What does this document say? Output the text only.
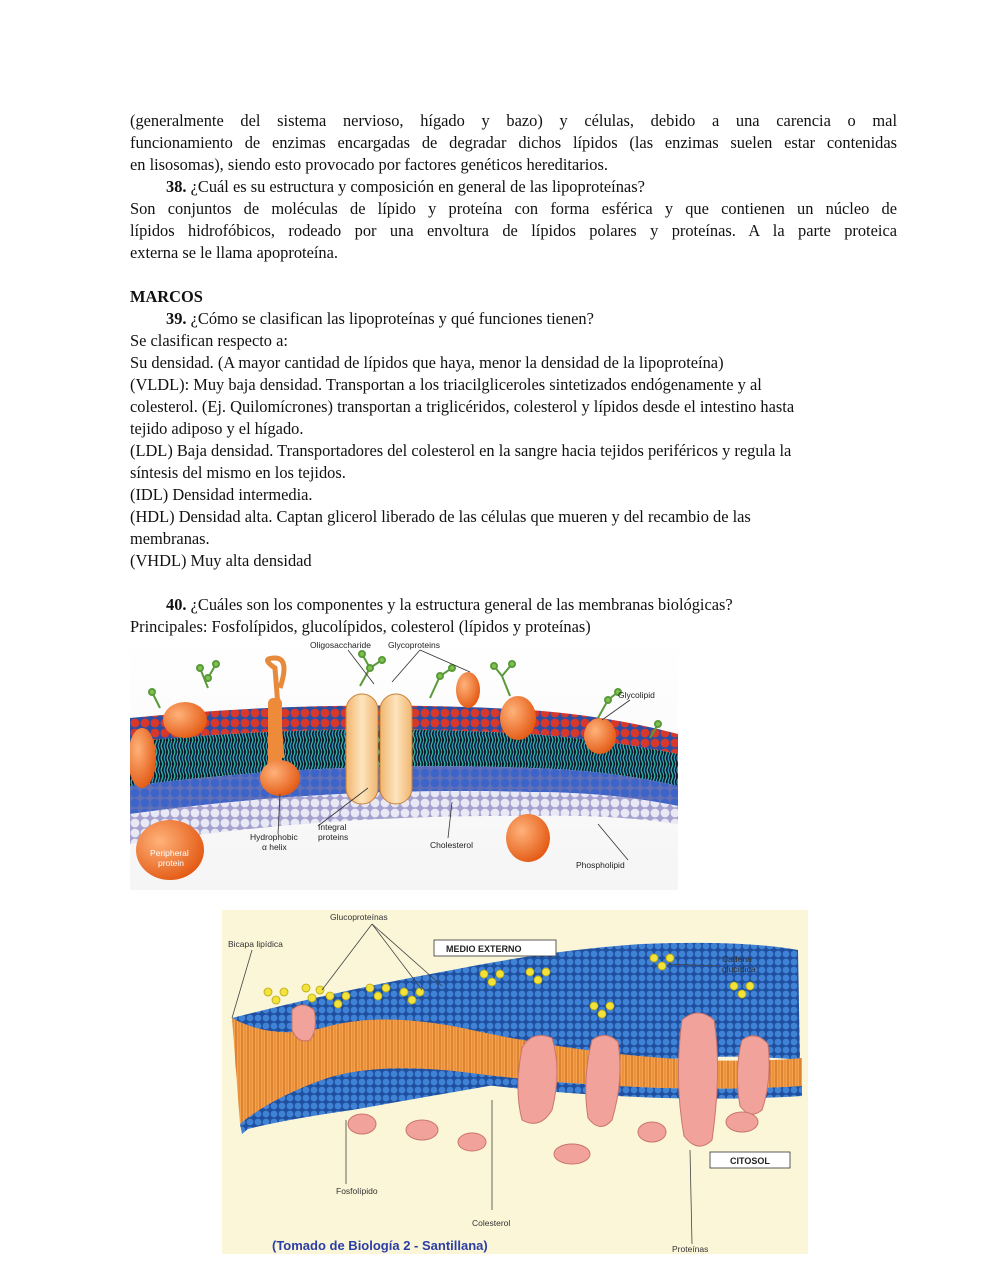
(generalmente del sistema nervioso, hígado y bazo) y células, debido a una carencia o mal
funcionamiento de enzimas encargadas de degradar dichos lípidos (las enzimas suelen estar contenidas
en lisosomas), siendo esto provocado por factores genéticos hereditarios.
38. ¿Cuál es su estructura y composición en general de las lipoproteínas?
Son conjuntos de moléculas de lípido y proteína con forma esférica y que contienen un núcleo de
lípidos hidrofóbicos, rodeado por una envoltura de lípidos polares y proteínas. A la parte proteica
externa se le llama apoproteína.
MARCOS
39. ¿Cómo se clasifican las lipoproteínas y qué funciones tienen?
Se clasifican respecto a:
Su densidad. (A mayor cantidad de lípidos que haya, menor la densidad de la lipoproteína)
(VLDL): Muy baja densidad. Transportan a los triacilgliceroles sintetizados endógenamente y al
colesterol. (Ej. Quilomícrones) transportan a triglicéridos, colesterol y lípidos desde el intestino hasta
tejido adiposo y el hígado.
(LDL) Baja densidad. Transportadores del colesterol en la sangre hacia tejidos periféricos y regula la
síntesis del mismo en los tejidos.
(IDL) Densidad intermedia.
(HDL) Densidad alta. Captan glicerol liberado de las células que mueren y del recambio de las
membranas.
(VHDL) Muy alta densidad
40. ¿Cuáles son los componentes y la estructura general de las membranas biológicas?
Principales: Fosfolípidos, glucolípidos, colesterol (lípidos y proteínas)
Oligosaccharide Glycoproteins
Glycolipid
Integral
proteins
Hydrophobic
α helix	Cholesterol
Peripheral
protein	Phospholipid
Glucoproteínas
Bicapa lipídica	MEDIO EXTERNO
Cadena
glucídica
CITOSOL
Fosfolípido
Colesterol
Proteínas
(Tomado de Biología 2 - Santillana)
